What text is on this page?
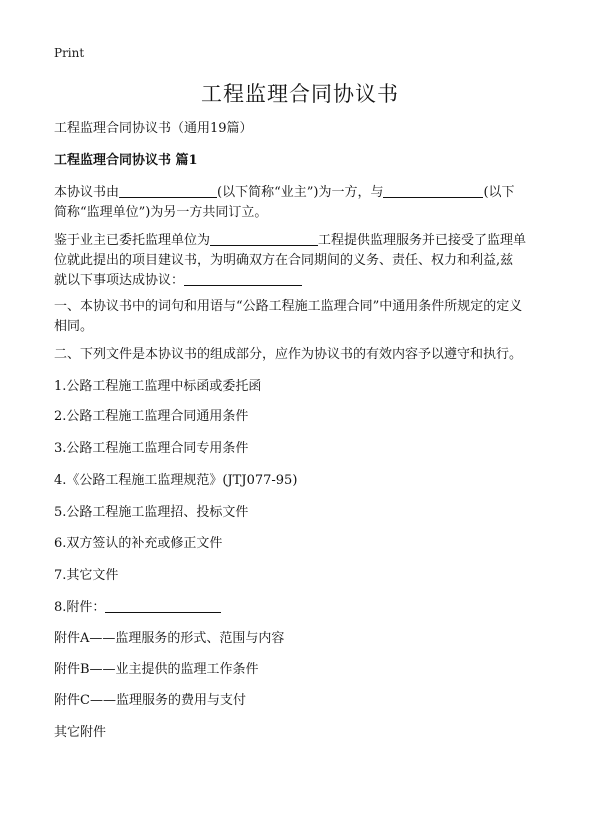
Print
工程监理合同协议书
工程监理合同协议书（通用19篇）
工程监理合同协议书 篇1
本协议书由	(以下简称“业主”)为一方，与	(以下
简称“监理单位”)为另一方共同订立。
鉴于业主已委托监理单位为	工程提供监理服务并已接受了监理单
位就此提出的项目建议书，为明确双方在合同期间的义务、责任、权力和利益,兹
就以下事项达成协议：
一、本协议书中的词句和用语与“公路工程施工监理合同”中通用条件所规定的定义
相同。
二、下列文件是本协议书的组成部分，应作为协议书的有效内容予以遵守和执行。
1.公路工程施工监理中标函或委托函
2.公路工程施工监理合同通用条件
3.公路工程施工监理合同专用条件
4.《公路工程施工监理规范》(JTJ077-95)
5.公路工程施工监理招、投标文件
6.双方签认的补充或修正文件
7.其它文件
8.附件：
附件A——监理服务的形式、范围与内容
附件B——业主提供的监理工作条件
附件C——监理服务的费用与支付
其它附件
